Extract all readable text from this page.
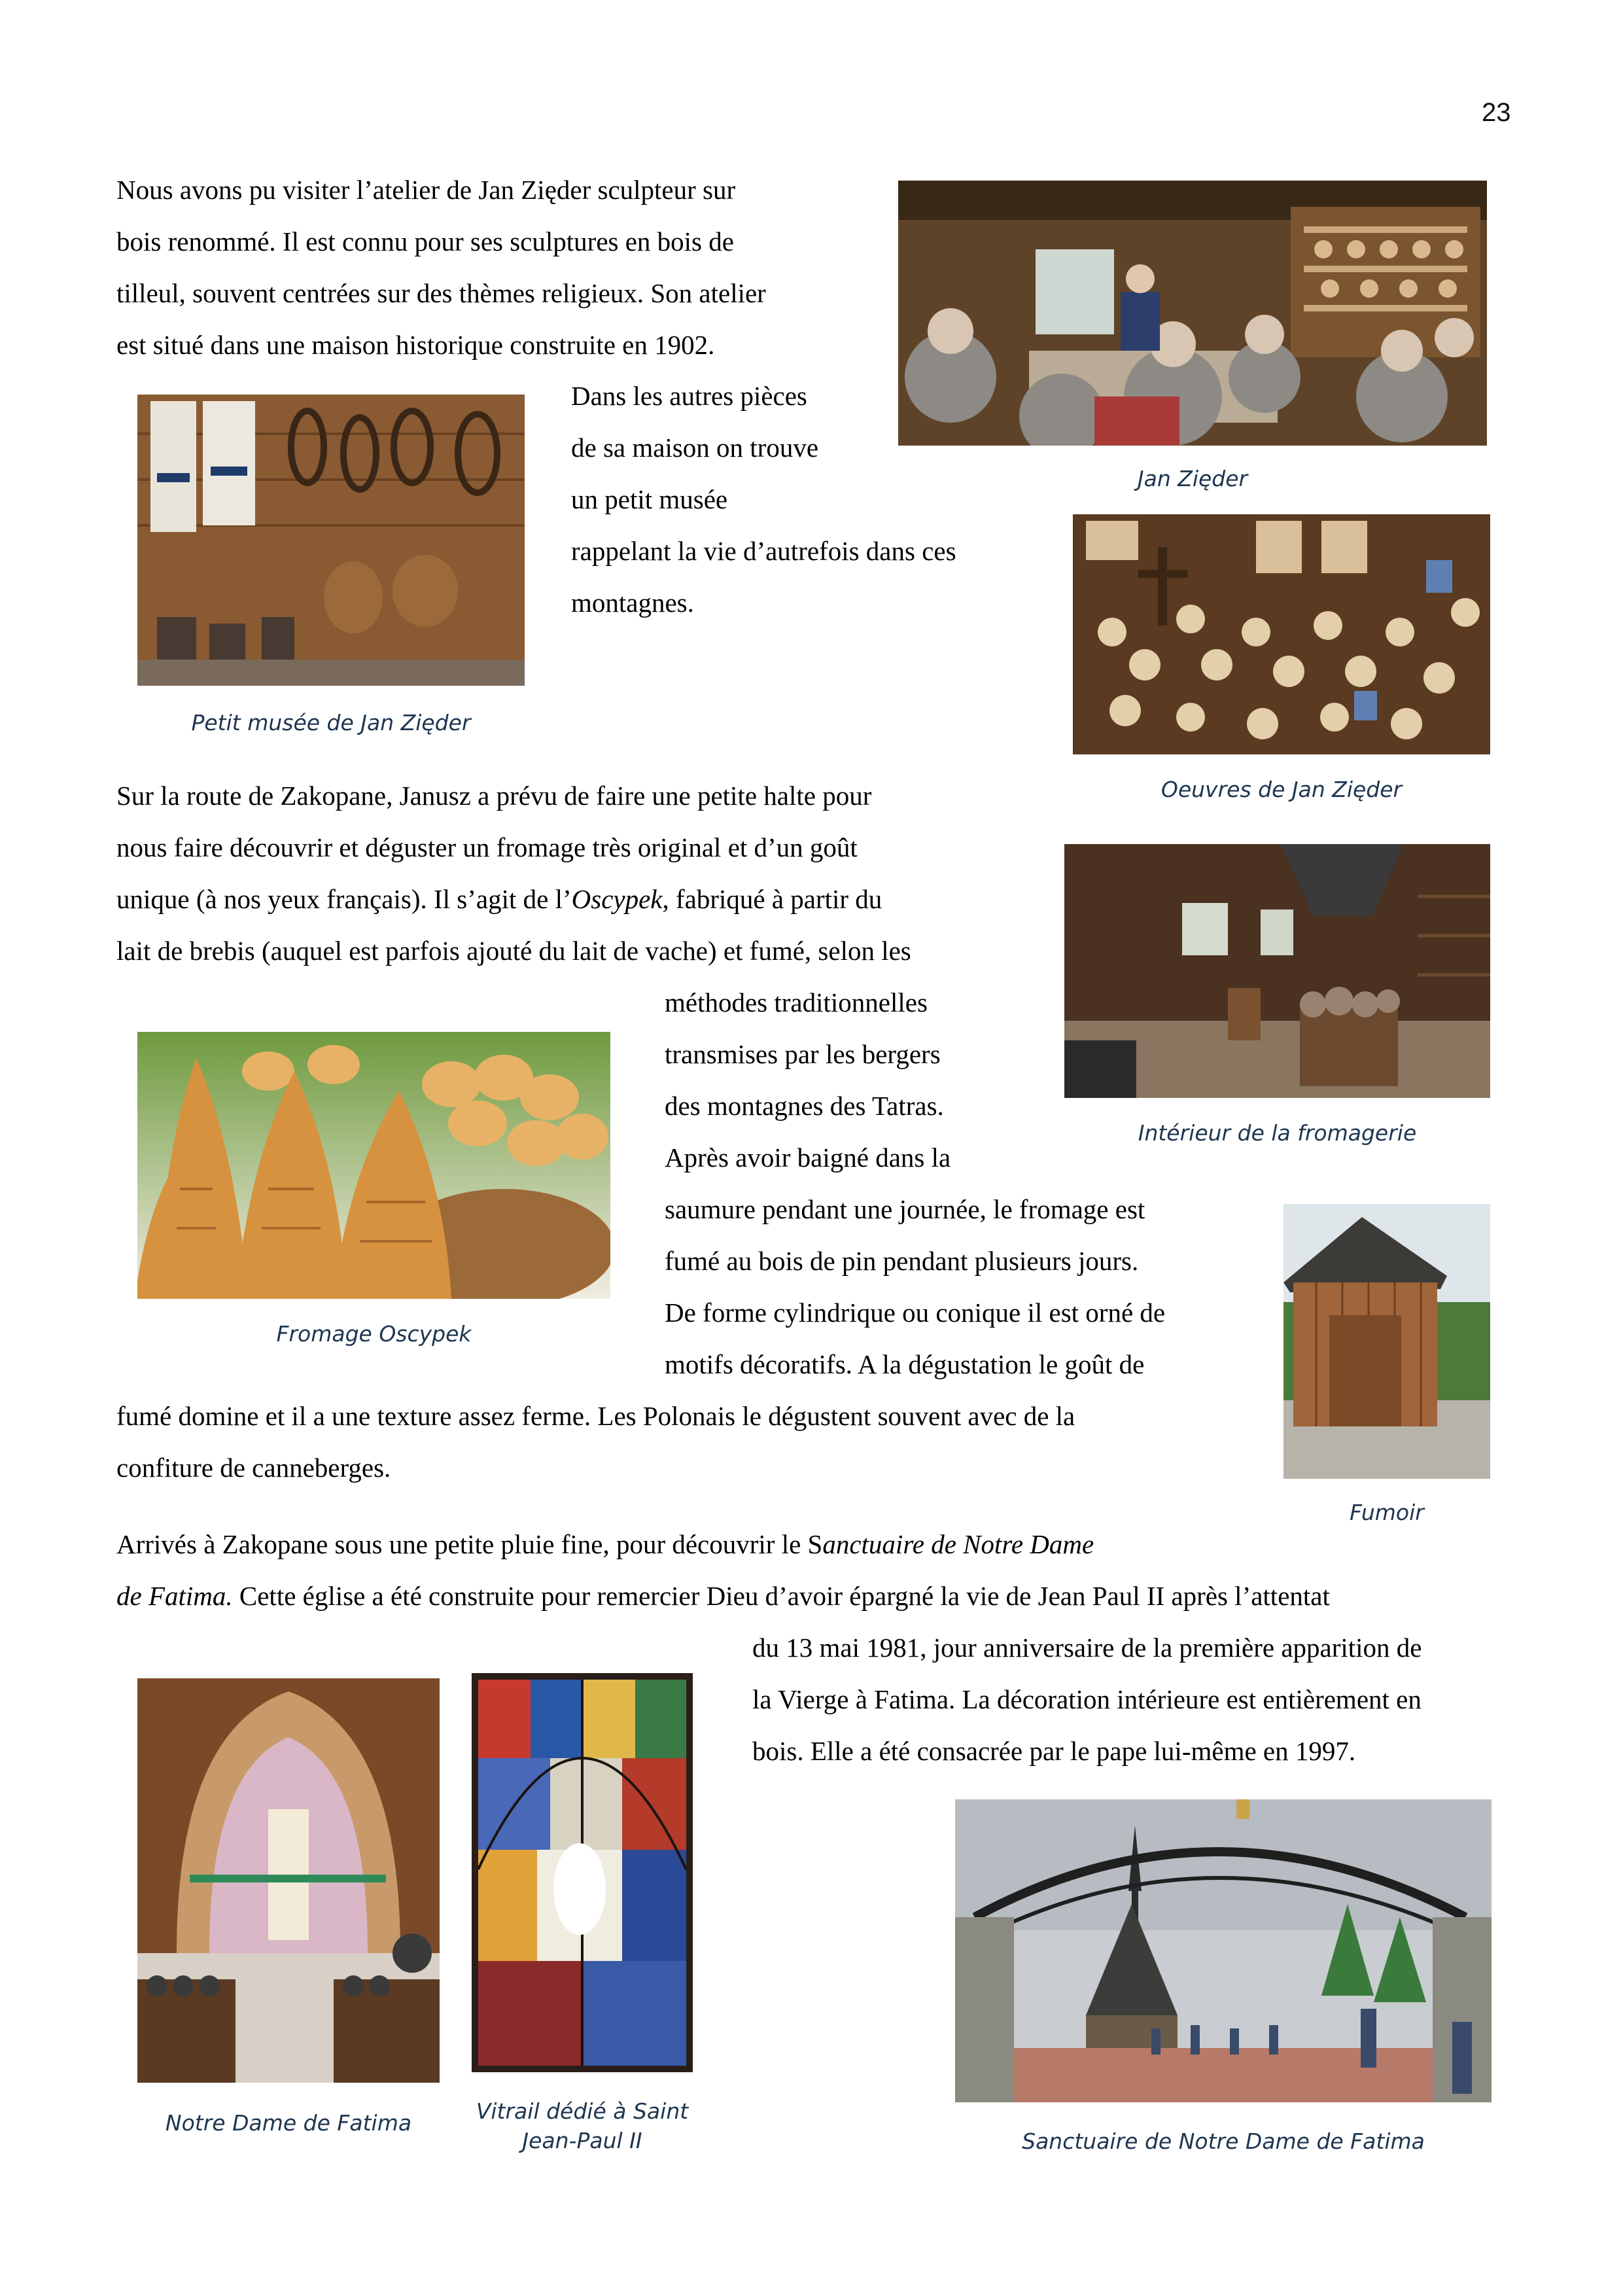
23
Nous avons pu visiter l’atelier de Jan Zięder sculpteur sur
bois renommé. Il est connu pour ses sculptures en bois de
tilleul, souvent centrées sur des thèmes religieux. Son atelier
est situé dans une maison historique construite en 1902.
Dans les autres pièces
de sa maison on trouve
un petit musée
rappelant la vie d’autrefois dans ces
montagnes.
Sur la route de Zakopane, Janusz a prévu de faire une petite halte pour
nous faire découvrir et déguster un fromage très original et d’un goût
unique (à nos yeux français). Il s’agit de l’Oscypek, fabriqué à partir du
lait de brebis (auquel est parfois ajouté du lait de vache) et fumé, selon les
méthodes traditionnelles
transmises par les bergers
des montagnes des Tatras.
Après avoir baigné dans la
saumure pendant une journée, le fromage est
fumé au bois de pin pendant plusieurs jours.
De forme cylindrique ou conique il est orné de
motifs décoratifs. A la dégustation le goût de
fumé domine et il a une texture assez ferme. Les Polonais le dégustent souvent avec de la
confiture de canneberges.
Arrivés à Zakopane sous une petite pluie fine, pour découvrir le Sanctuaire de Notre Dame
de Fatima. Cette église a été construite pour remercier Dieu d’avoir épargné la vie de Jean Paul II après l’attentat
du 13 mai 1981, jour anniversaire de la première apparition de
la Vierge à Fatima. La décoration intérieure est entièrement en
bois. Elle a été consacrée par le pape lui-même en 1997.
Jan Zięder
Petit musée de Jan Zięder
Oeuvres de Jan Zięder
Intérieur de la fromagerie
Fromage Oscypek
Fumoir
Notre Dame de Fatima	Vitrail dédié à Saint
Jean-Paul II	Sanctuaire de Notre Dame de Fatima
